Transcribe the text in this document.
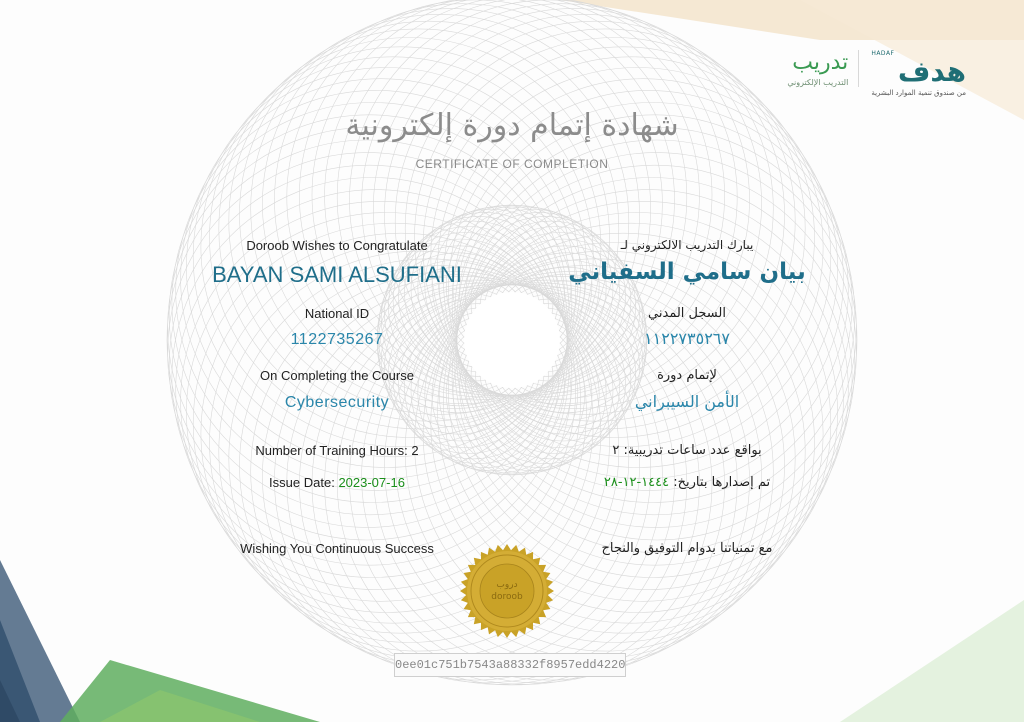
تدريب
التدريب الإلكتروني
HADAF
هدف
من صندوق تنمية الموارد البشرية
شهادة إتمام دورة إلكترونية
CERTIFICATE OF COMPLETION
Doroob Wishes to Congratulate
BAYAN SAMI ALSUFIANI
National ID
1122735267
On Completing the Course
Cybersecurity
Number of Training Hours: 2
Issue Date: 2023-07-16
Wishing You Continuous Success
يبارك التدريب الالكتروني لـ
بيان سامي السفياني
السجل المدني
١١٢٢٧٣٥٢٦٧
لإتمام دورة
الأمن السيبراني
بواقع عدد ساعات تدريبية: ٢
تم إصدارها بتاريخ: ١٤٤٤-١٢-٢٨
مع تمنياتنا بدوام التوفيق والنجاح
دروب
doroob
0ee01c751b7543a88332f8957edd4220
